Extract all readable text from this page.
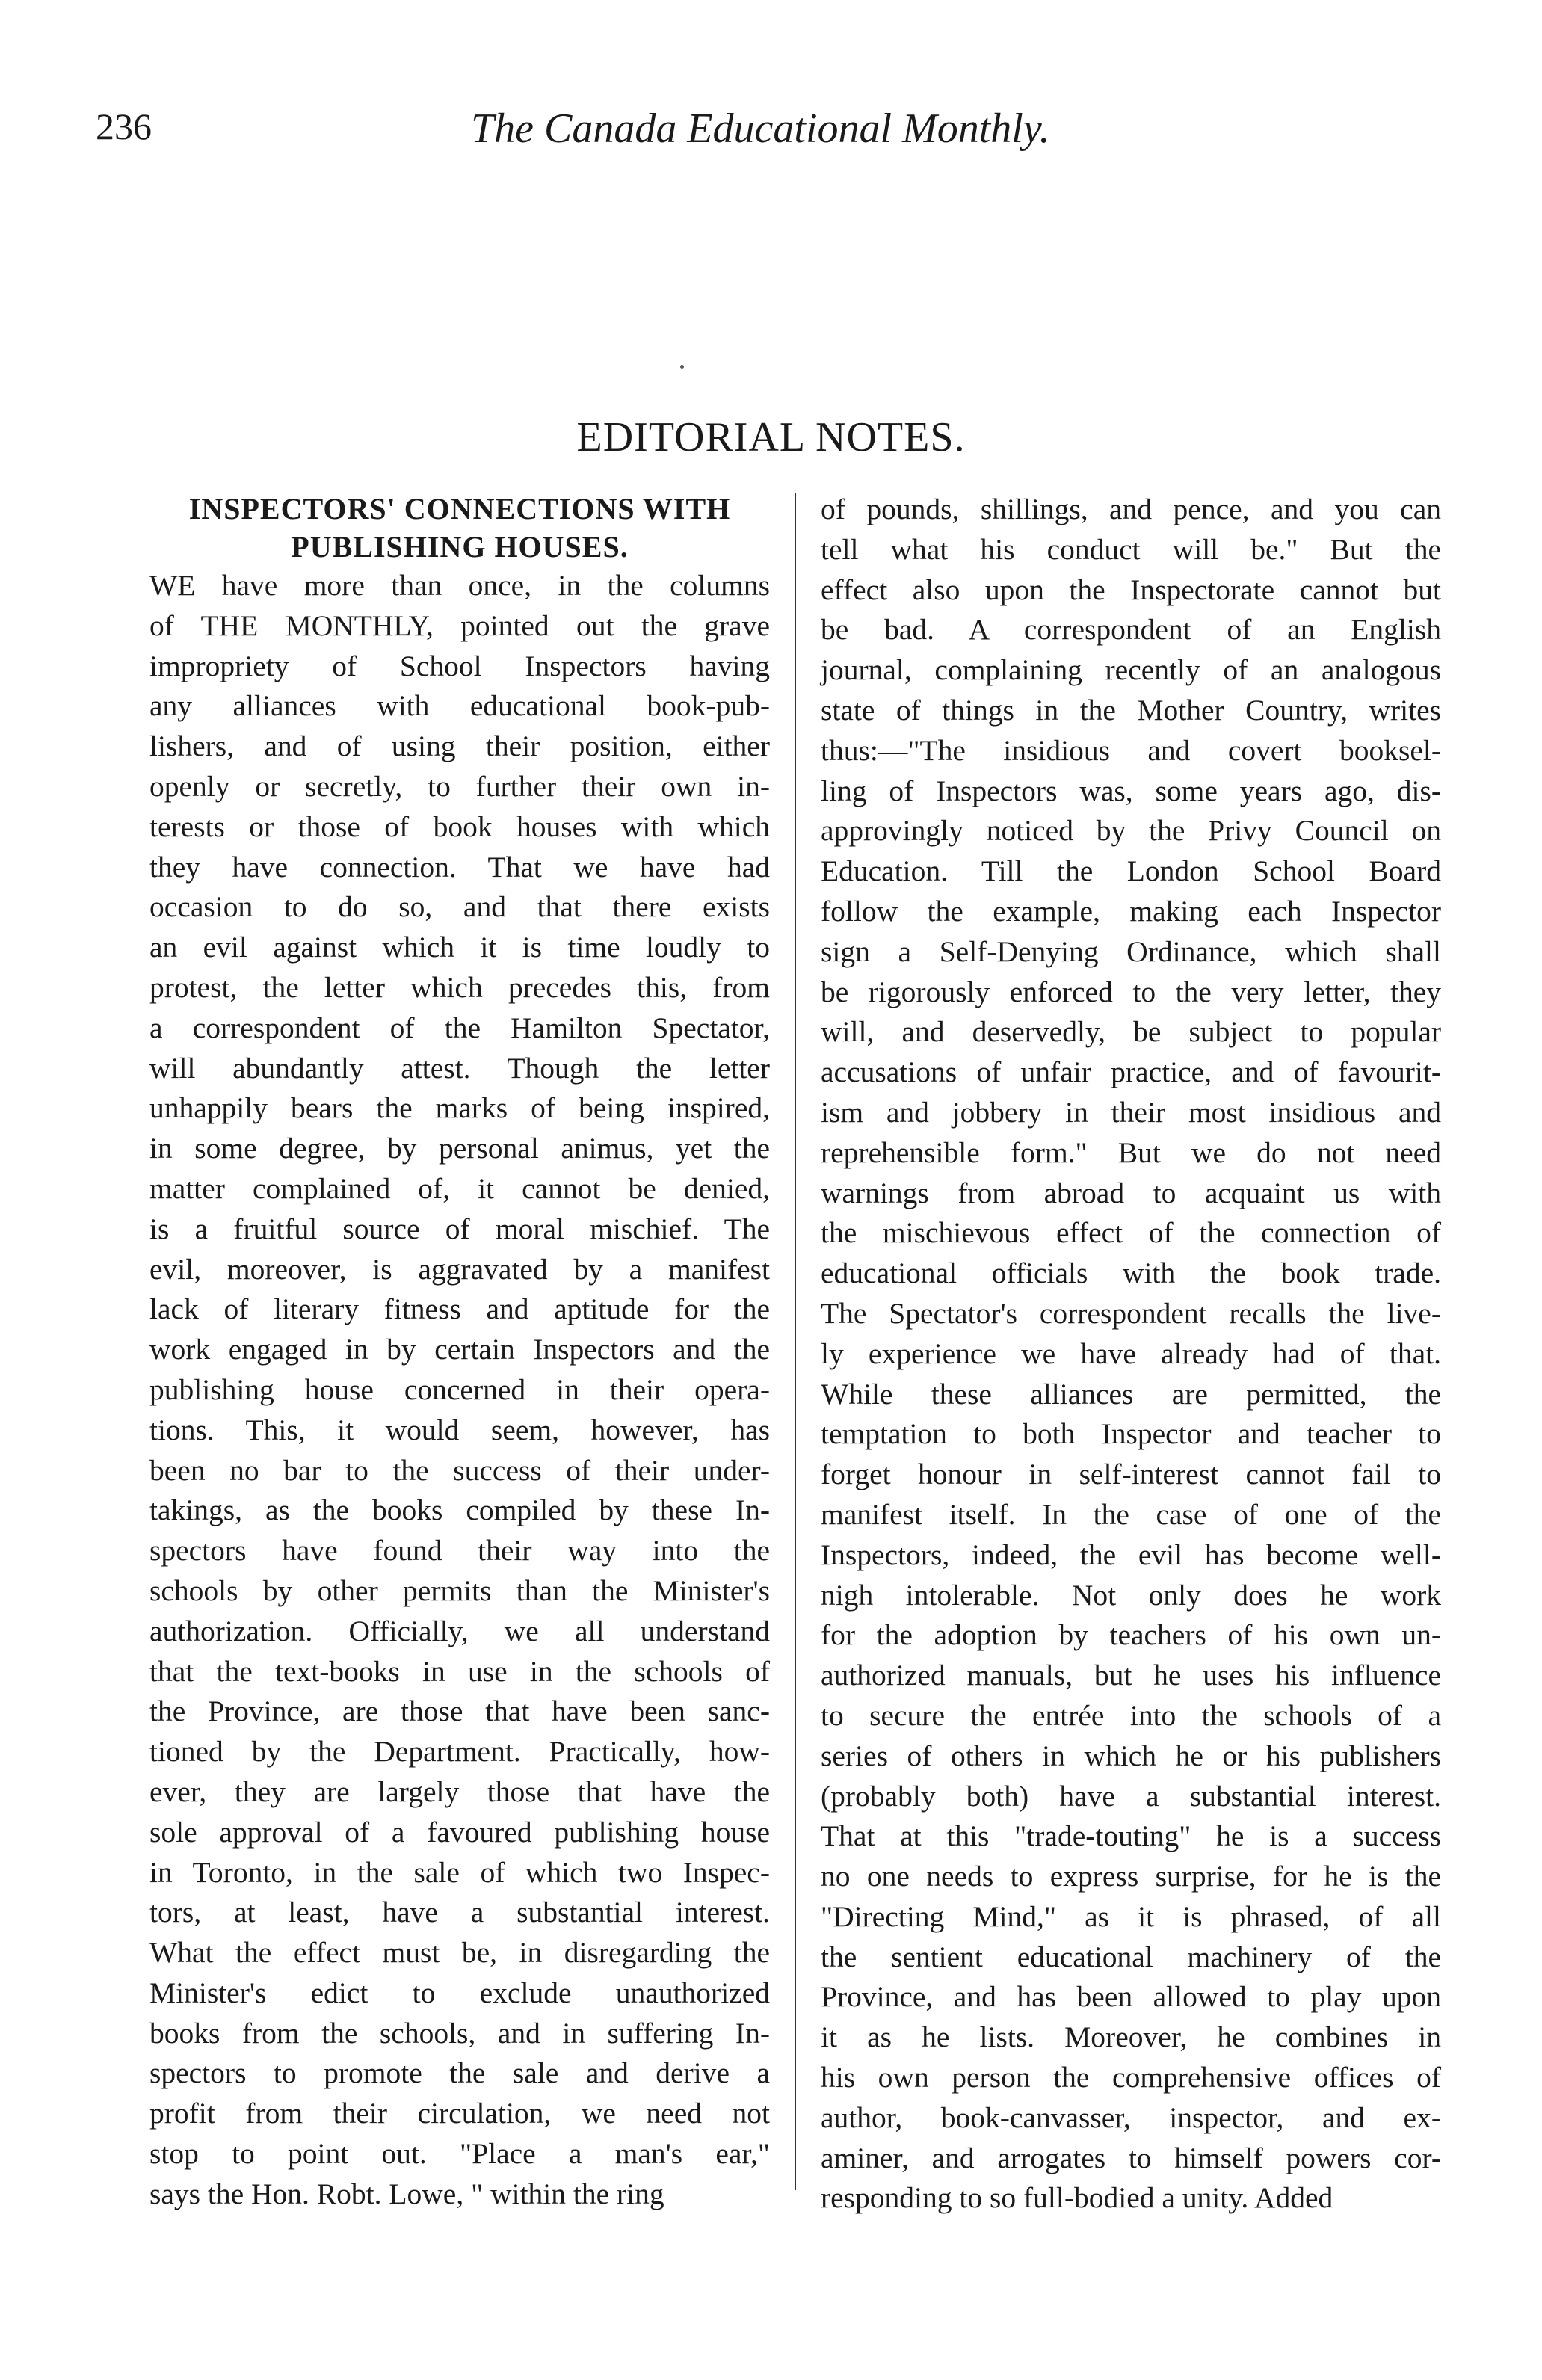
236	The Canada Educational Monthly.
EDITORIAL NOTES.
INSPECTORS' CONNECTIONS WITH
PUBLISHING HOUSES.
WE have more than once, in the columns
of THE MONTHLY, pointed out the grave
impropriety of School Inspectors having
any alliances with educational book-pub-
lishers, and of using their position, either
openly or secretly, to further their own in-
terests or those of book houses with which
they have connection. That we have had
occasion to do so, and that there exists
an evil against which it is time loudly to
protest, the letter which precedes this, from
a correspondent of the Hamilton Spectator,
will abundantly attest. Though the letter
unhappily bears the marks of being inspired,
in some degree, by personal animus, yet the
matter complained of, it cannot be denied,
is a fruitful source of moral mischief. The
evil, moreover, is aggravated by a manifest
lack of literary fitness and aptitude for the
work engaged in by certain Inspectors and the
publishing house concerned in their opera-
tions. This, it would seem, however, has
been no bar to the success of their under-
takings, as the books compiled by these In-
spectors have found their way into the
schools by other permits than the Minister's
authorization. Officially, we all understand
that the text-books in use in the schools of
the Province, are those that have been sanc-
tioned by the Department. Practically, how-
ever, they are largely those that have the
sole approval of a favoured publishing house
in Toronto, in the sale of which two Inspec-
tors, at least, have a substantial interest.
What the effect must be, in disregarding the
Minister's edict to exclude unauthorized
books from the schools, and in suffering In-
spectors to promote the sale and derive a
profit from their circulation, we need not
stop to point out. "Place a man's ear,"
says the Hon. Robt. Lowe, " within the ring
of pounds, shillings, and pence, and you can
tell what his conduct will be." But the
effect also upon the Inspectorate cannot but
be bad. A correspondent of an English
journal, complaining recently of an analogous
state of things in the Mother Country, writes
thus:—"The insidious and covert booksel-
ling of Inspectors was, some years ago, dis-
approvingly noticed by the Privy Council on
Education. Till the London School Board
follow the example, making each Inspector
sign a Self-Denying Ordinance, which shall
be rigorously enforced to the very letter, they
will, and deservedly, be subject to popular
accusations of unfair practice, and of favourit-
ism and jobbery in their most insidious and
reprehensible form." But we do not need
warnings from abroad to acquaint us with
the mischievous effect of the connection of
educational officials with the book trade.
The Spectator's correspondent recalls the live-
ly experience we have already had of that.
While these alliances are permitted, the
temptation to both Inspector and teacher to
forget honour in self-interest cannot fail to
manifest itself. In the case of one of the
Inspectors, indeed, the evil has become well-
nigh intolerable. Not only does he work
for the adoption by teachers of his own un-
authorized manuals, but he uses his influence
to secure the entrée into the schools of a
series of others in which he or his publishers
(probably both) have a substantial interest.
That at this "trade-touting" he is a success
no one needs to express surprise, for he is the
"Directing Mind," as it is phrased, of all
the sentient educational machinery of the
Province, and has been allowed to play upon
it as he lists. Moreover, he combines in
his own person the comprehensive offices of
author, book-canvasser, inspector, and ex-
aminer, and arrogates to himself powers cor-
responding to so full-bodied a unity. Added
